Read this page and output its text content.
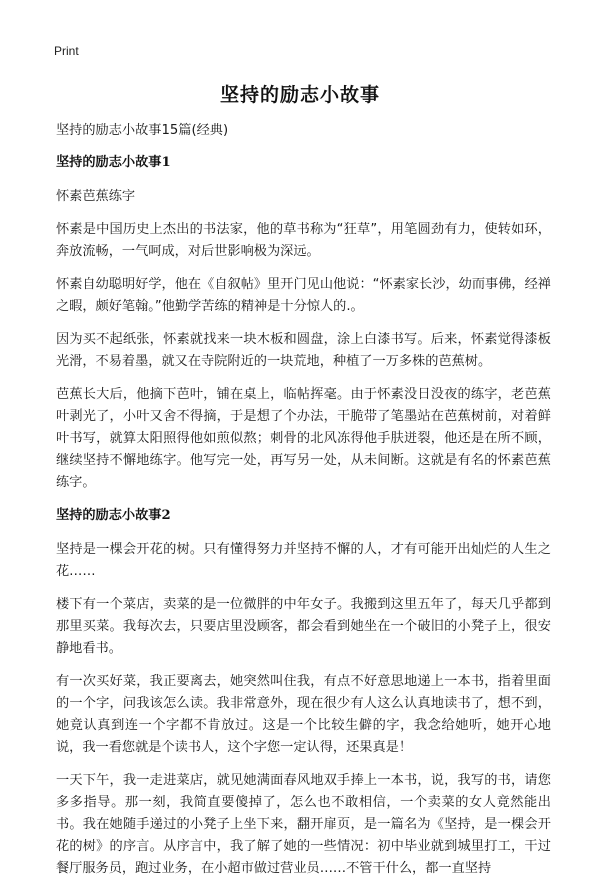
Print
坚持的励志小故事

坚持的励志小故事15篇(经典)

坚持的励志小故事1

怀素芭蕉练字

怀素是中国历史上杰出的书法家，他的草书称为“狂草”，用笔圆劲有力，使转如环，奔放流畅，一气呵成，对后世影响极为深远。

怀素自幼聪明好学，他在《自叙帖》里开门见山他说：“怀素家长沙，幼而事佛，经禅之暇，颇好笔翰。”他勤学苦练的精神是十分惊人的.。

因为买不起纸张，怀素就找来一块木板和圆盘，涂上白漆书写。后来，怀素觉得漆板光滑，不易着墨，就又在寺院附近的一块荒地，种植了一万多株的芭蕉树。

芭蕉长大后，他摘下芭叶，铺在桌上，临帖挥毫。由于怀素没日没夜的练字，老芭蕉叶剥光了，小叶又舍不得摘，于是想了个办法，干脆带了笔墨站在芭蕉树前，对着鲜叶书写，就算太阳照得他如煎似熬；刺骨的北风冻得他手肤迸裂，他还是在所不顾，继续坚持不懈地练字。他写完一处，再写另一处，从未间断。这就是有名的怀素芭蕉练字。

坚持的励志小故事2

坚持是一棵会开花的树。只有懂得努力并坚持不懈的人，才有可能开出灿烂的人生之花……

楼下有一个菜店，卖菜的是一位微胖的中年女子。我搬到这里五年了，每天几乎都到那里买菜。我每次去，只要店里没顾客，都会看到她坐在一个破旧的小凳子上，很安静地看书。

有一次买好菜，我正要离去，她突然叫住我，有点不好意思地递上一本书，指着里面的一个字，问我该怎么读。我非常意外，现在很少有人这么认真地读书了，想不到，她竟认真到连一个字都不肯放过。这是一个比较生僻的字，我念给她听，她开心地说，我一看您就是个读书人，这个字您一定认得，还果真是！

一天下午，我一走进菜店，就见她满面春风地双手捧上一本书，说，我写的书，请您多多指导。那一刻，我简直要傻掉了，怎么也不敢相信，一个卖菜的女人竟然能出书。我在她随手递过的小凳子上坐下来，翻开扉页，是一篇名为《坚持，是一棵会开花的树》的序言。从序言中，我了解了她的一些情况：初中毕业就到城里打工，干过餐厅服务员，跑过业务，在小超市做过营业员……不管干什么，都一直坚持
